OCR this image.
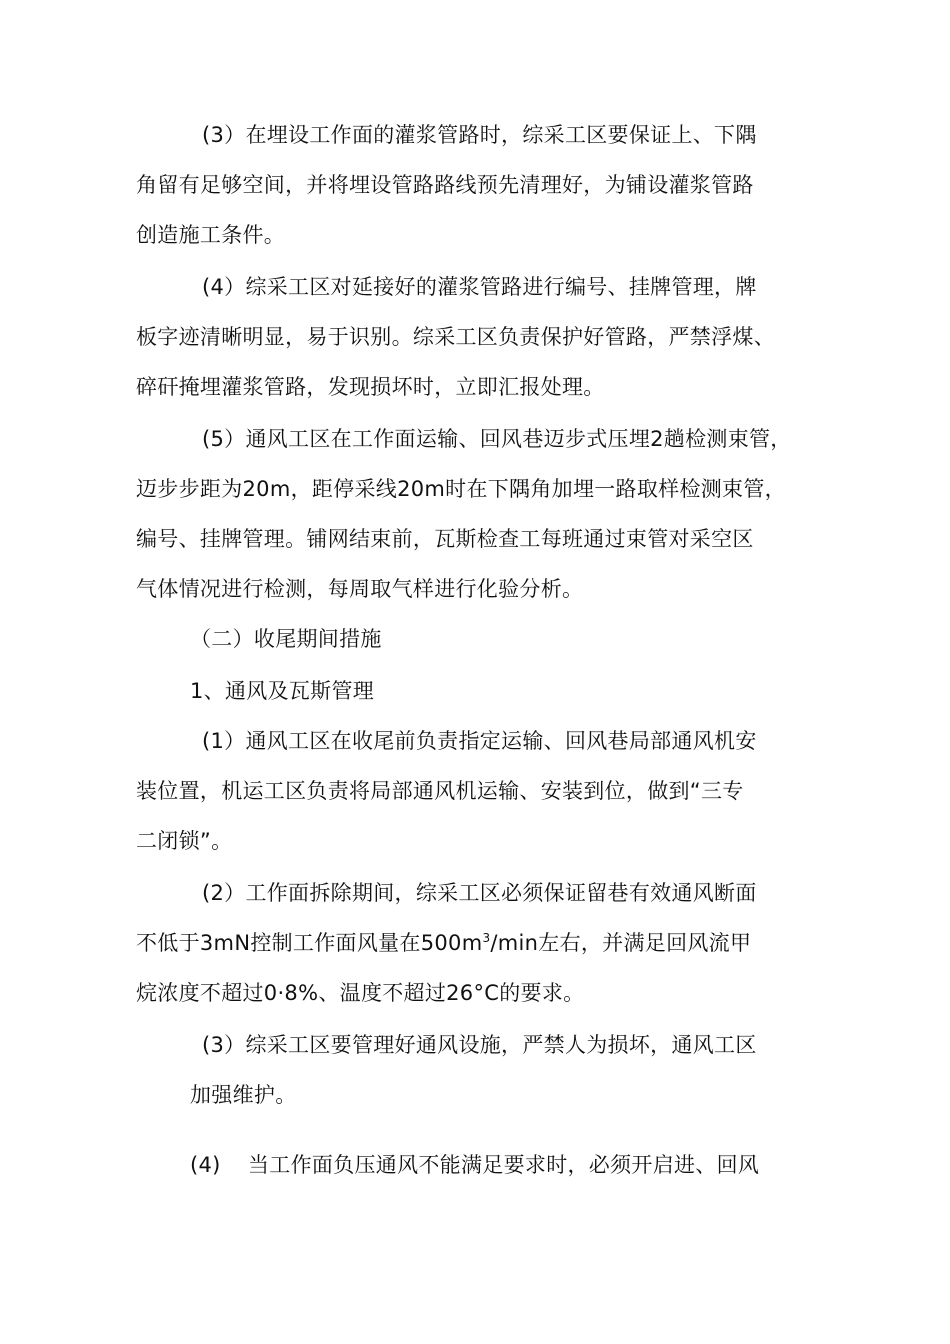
(3）在埋设工作面的灌浆管路时，综采工区要保证上、下隅
角留有足够空间，并将埋设管路路线预先清理好，为铺设灌浆管路
创造施工条件。
(4）综采工区对延接好的灌浆管路进行编号、挂牌管理，牌
板字迹清晰明显，易于识别。综采工区负责保护好管路，严禁浮煤、
碎矸掩埋灌浆管路，发现损坏时，立即汇报处理。
(5）通风工区在工作面运输、回风巷迈步式压埋2趟检测束管，
迈步步距为20m，距停采线20m时在下隅角加埋一路取样检测束管，
编号、挂牌管理。铺网结束前，瓦斯检查工每班通过束管对采空区
气体情况进行检测，每周取气样进行化验分析。
（二）收尾期间措施
1、通风及瓦斯管理
(1）通风工区在收尾前负责指定运输、回风巷局部通风机安
装位置，机运工区负责将局部通风机运输、安装到位，做到“三专
二闭锁”。
(2）工作面拆除期间，综采工区必须保证留巷有效通风断面
不低于3mN控制工作面风量在$500m^3/\min$左右，并满足回风流甲
烷浓度不超过0·8%、温度不超过26°C的要求。
(3）综采工区要管理好通风设施，严禁人为损坏，通风工区
加强维护。
(4) 当工作面负压通风不能满足要求时，必须开启进、回风
